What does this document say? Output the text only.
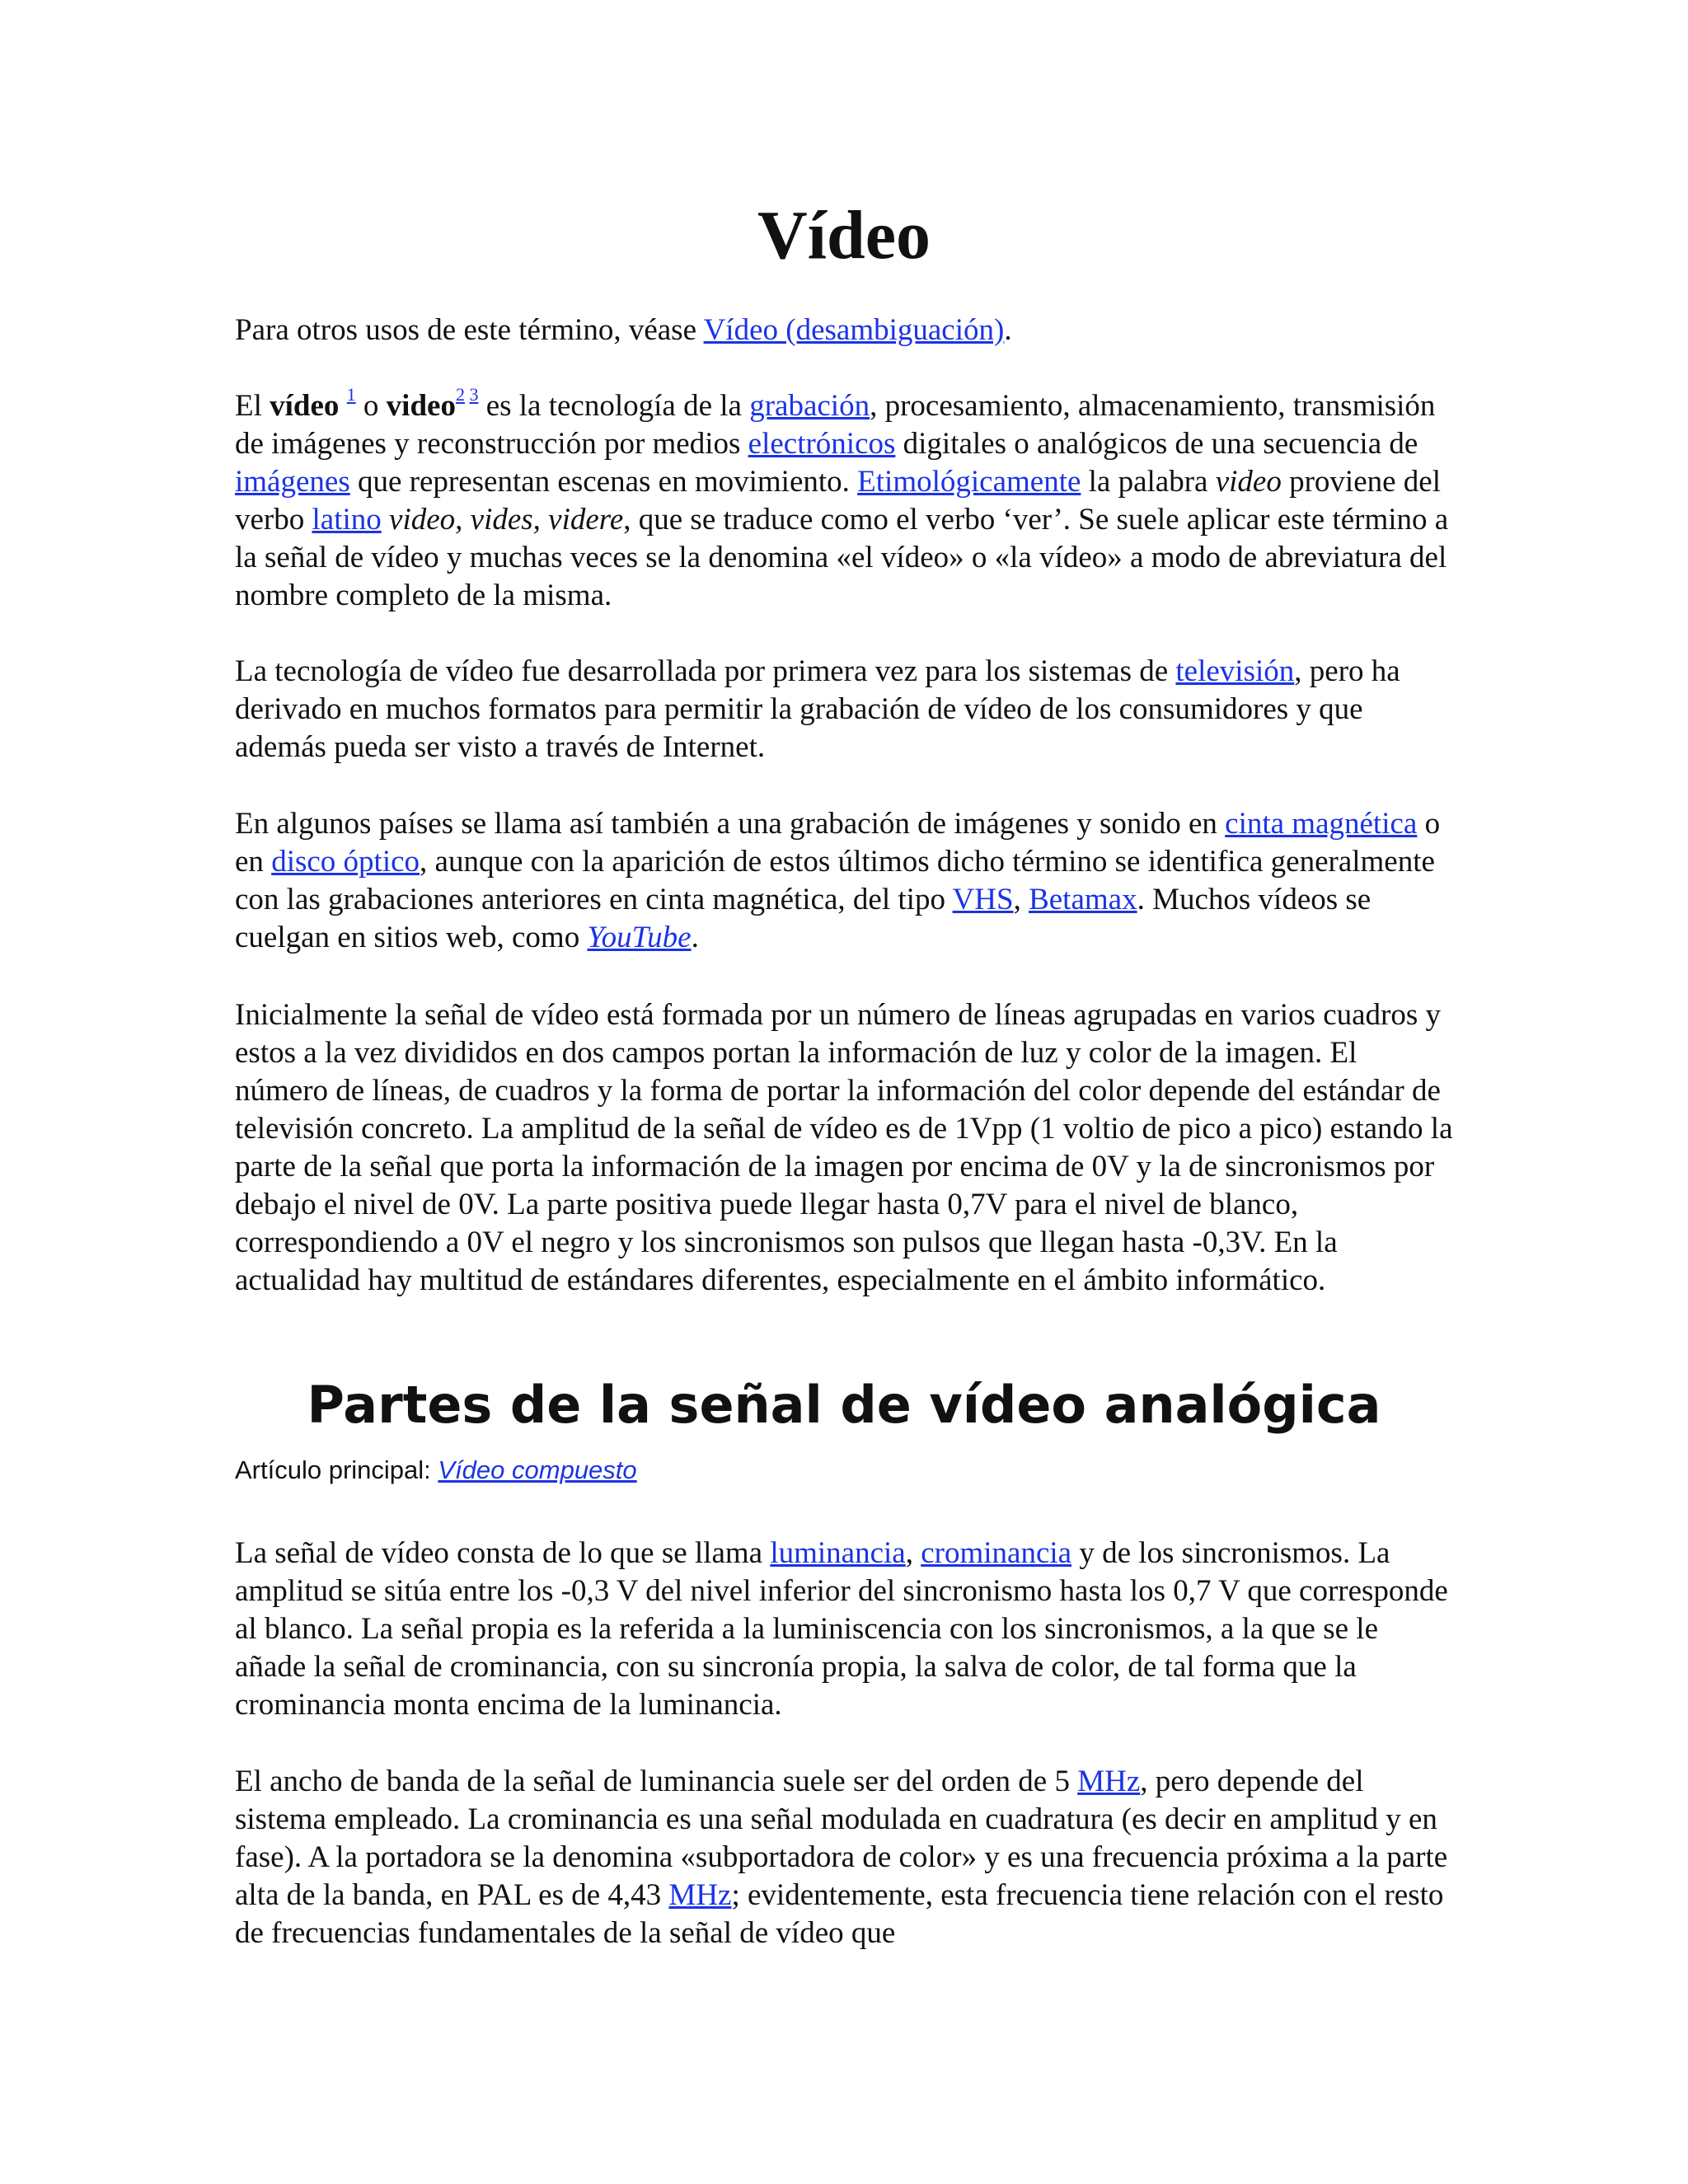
Vídeo

Para otros usos de este término, véase Vídeo (desambiguación).

El vídeo $^1$ o video$^{2 3}$ es la tecnología de la grabación, procesamiento, almacenamiento, transmisión de imágenes y reconstrucción por medios electrónicos digitales o analógicos de una secuencia de imágenes que representan escenas en movimiento. Etimológicamente la palabra video proviene del verbo latino video, vides, videre, que se traduce como el verbo ‘ver’. Se suele aplicar este término a la señal de vídeo y muchas veces se la denomina «el vídeo» o «la vídeo» a modo de abreviatura del nombre completo de la misma.

La tecnología de vídeo fue desarrollada por primera vez para los sistemas de televisión, pero ha derivado en muchos formatos para permitir la grabación de vídeo de los consumidores y que además pueda ser visto a través de Internet.

En algunos países se llama así también a una grabación de imágenes y sonido en cinta magnética o en disco óptico, aunque con la aparición de estos últimos dicho término se identifica generalmente con las grabaciones anteriores en cinta magnética, del tipo VHS, Betamax. Muchos vídeos se cuelgan en sitios web, como YouTube.

Inicialmente la señal de vídeo está formada por un número de líneas agrupadas en varios cuadros y estos a la vez divididos en dos campos portan la información de luz y color de la imagen. El número de líneas, de cuadros y la forma de portar la información del color depende del estándar de televisión concreto. La amplitud de la señal de vídeo es de 1Vpp (1 voltio de pico a pico) estando la parte de la señal que porta la información de la imagen por encima de 0V y la de sincronismos por debajo el nivel de 0V. La parte positiva puede llegar hasta 0,7V para el nivel de blanco, correspondiendo a 0V el negro y los sincronismos son pulsos que llegan hasta -0,3V. En la actualidad hay multitud de estándares diferentes, especialmente en el ámbito informático.

Partes de la señal de vídeo analógica
Artículo principal: Vídeo compuesto

La señal de vídeo consta de lo que se llama luminancia, crominancia y de los sincronismos. La amplitud se sitúa entre los -0,3 V del nivel inferior del sincronismo hasta los 0,7 V que corresponde al blanco. La señal propia es la referida a la luminiscencia con los sincronismos, a la que se le añade la señal de crominancia, con su sincronía propia, la salva de color, de tal forma que la crominancia monta encima de la luminancia.

El ancho de banda de la señal de luminancia suele ser del orden de 5 MHz, pero depende del sistema empleado. La crominancia es una señal modulada en cuadratura (es decir en amplitud y en fase). A la portadora se la denomina «subportadora de color» y es una frecuencia próxima a la parte alta de la banda, en PAL es de 4,43 MHz; evidentemente, esta frecuencia tiene relación con el resto de frecuencias fundamentales de la señal de vídeo que
